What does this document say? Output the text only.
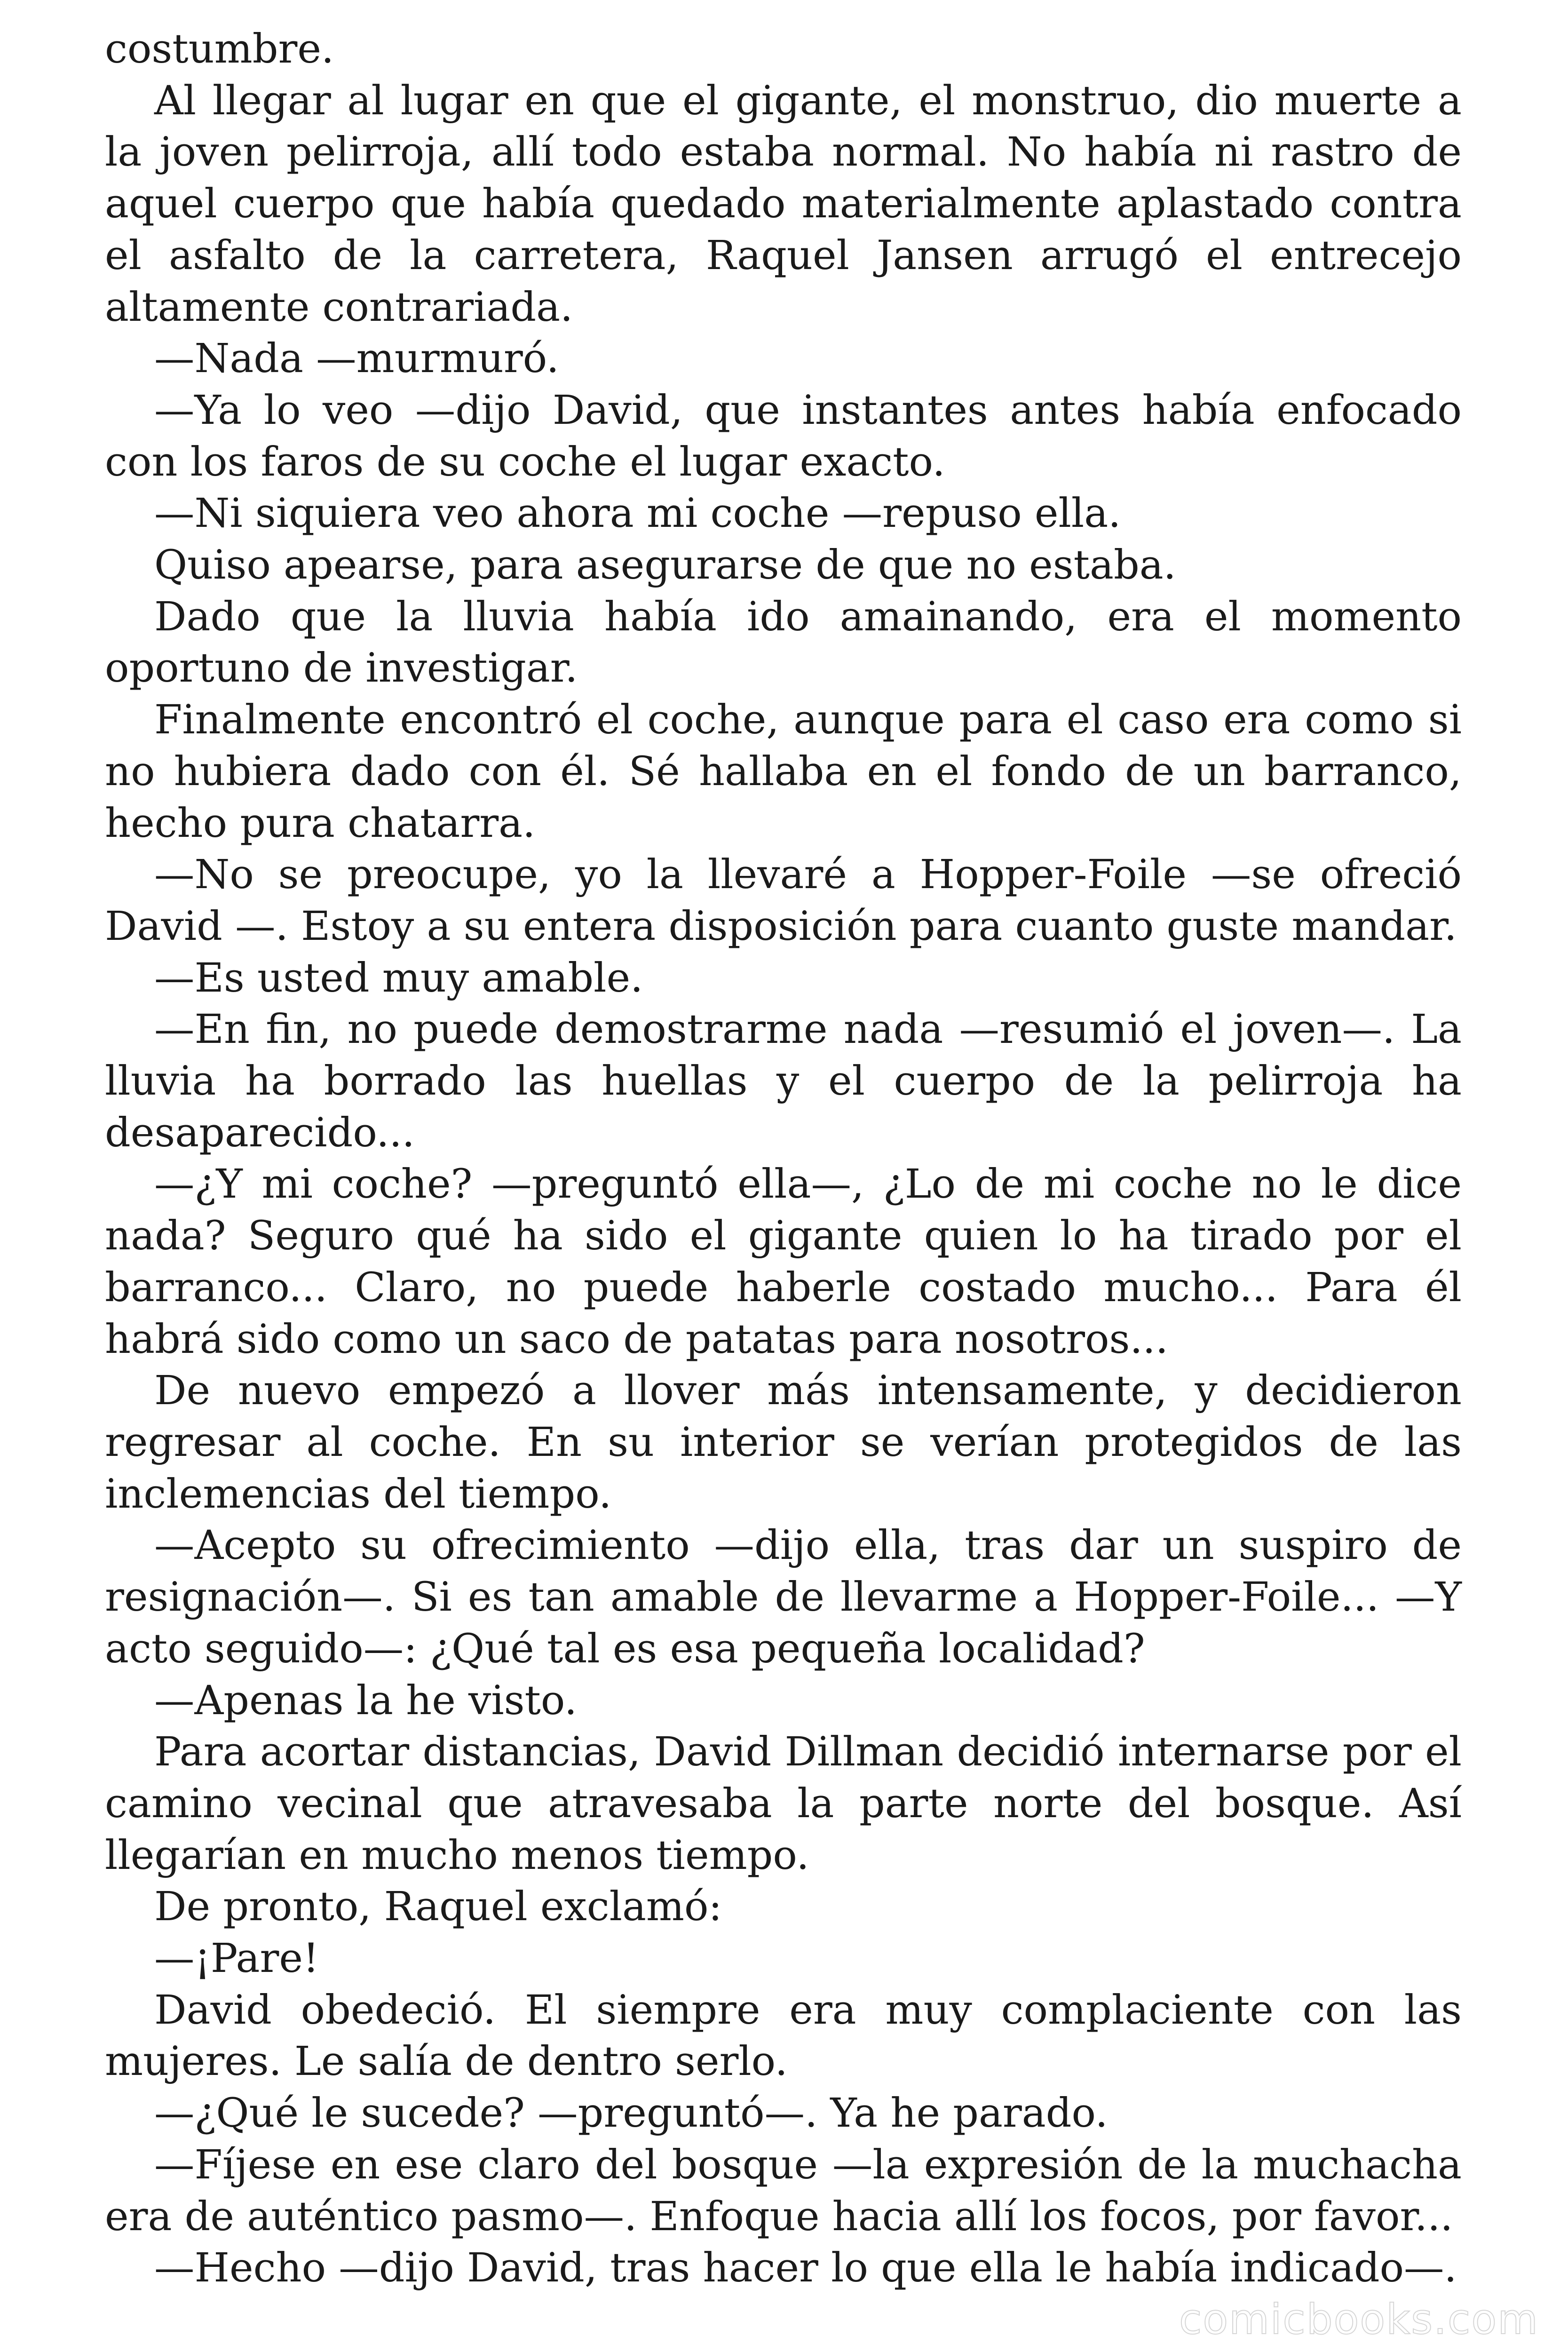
costumbre.

Al llegar al lugar en que el gigante, el monstruo, dio muerte a la joven pelirroja, allí todo estaba normal. No había ni rastro de aquel cuerpo que había quedado materialmente aplastado contra el asfalto de la carretera, Raquel Jansen arrugó el entrecejo altamente contrariada.

—Nada —murmuró.

—Ya lo veo —dijo David, que instantes antes había enfocado con los faros de su coche el lugar exacto.

—Ni siquiera veo ahora mi coche —repuso ella.

Quiso apearse, para asegurarse de que no estaba.

Dado que la lluvia había ido amainando, era el momento oportuno de investigar.

Finalmente encontró el coche, aunque para el caso era como si no hubiera dado con él. Sé hallaba en el fondo de un barranco, hecho pura chatarra.

—No se preocupe, yo la llevaré a Hopper-Foile —se ofreció David —. Estoy a su entera disposición para cuanto guste mandar.

—Es usted muy amable.

—En fin, no puede demostrarme nada —resumió el joven—. La lluvia ha borrado las huellas y el cuerpo de la pelirroja ha desaparecido...

—¿Y mi coche? —preguntó ella—, ¿Lo de mi coche no le dice nada? Seguro qué ha sido el gigante quien lo ha tirado por el barranco... Claro, no puede haberle costado mucho... Para él habrá sido como un saco de patatas para nosotros...

De nuevo empezó a llover más intensamente, y decidieron regresar al coche. En su interior se verían protegidos de las inclemencias del tiempo.

—Acepto su ofrecimiento —dijo ella, tras dar un suspiro de resignación—. Si es tan amable de llevarme a Hopper-Foile... —Y acto seguido—: ¿Qué tal es esa pequeña localidad?

—Apenas la he visto.

Para acortar distancias, David Dillman decidió internarse por el camino vecinal que atravesaba la parte norte del bosque. Así llegarían en mucho menos tiempo.

De pronto, Raquel exclamó:

—¡Pare!

David obedeció. El siempre era muy complaciente con las mujeres. Le salía de dentro serlo.

—¿Qué le sucede? —preguntó—. Ya he parado.

—Fíjese en ese claro del bosque —la expresión de la muchacha era de auténtico pasmo—. Enfoque hacia allí los focos, por favor...

—Hecho —dijo David, tras hacer lo que ella le había indicado—.

comicbooks.com
